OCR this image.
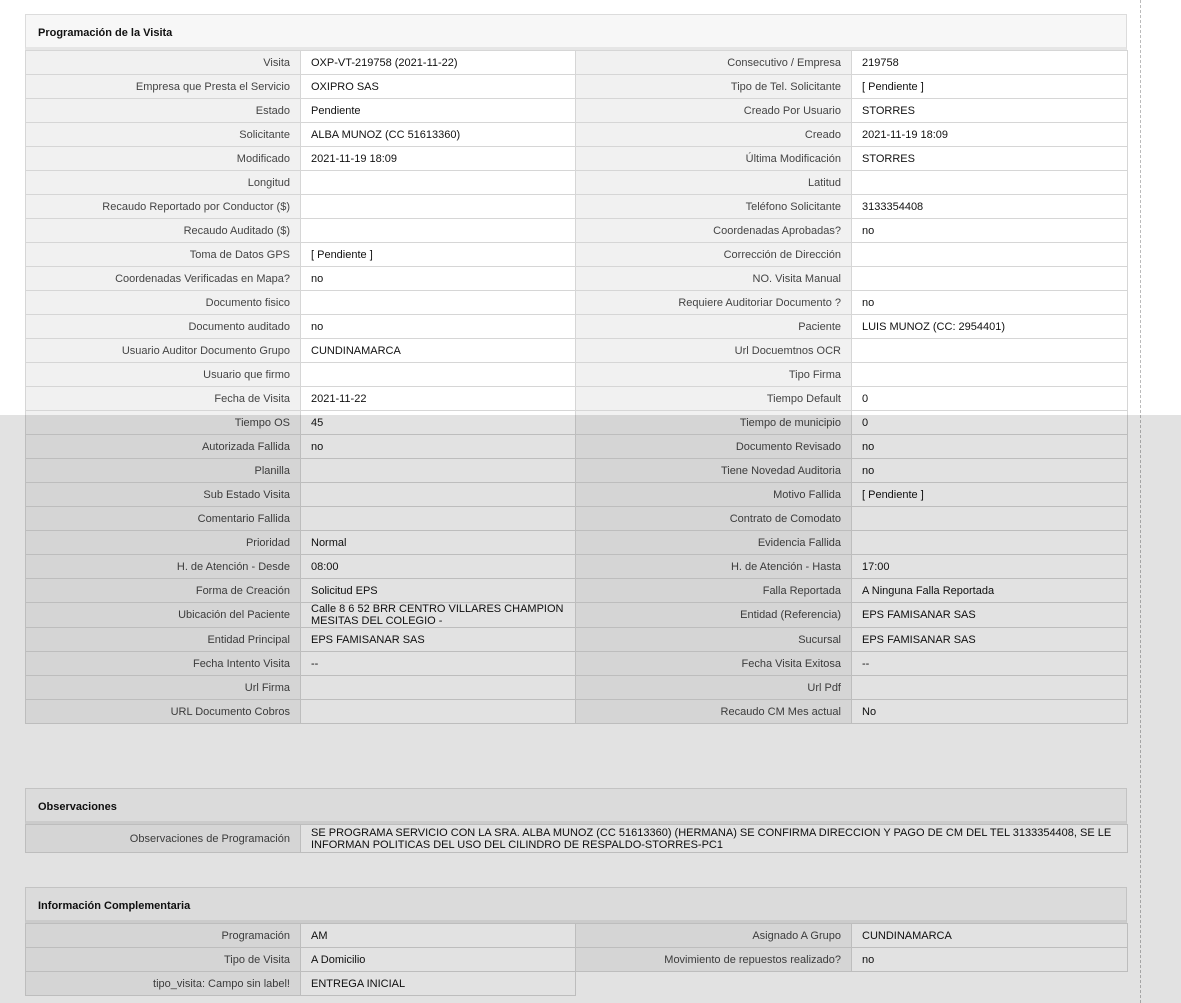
Programación de la Visita
Visita	OXP-VT-219758 (2021-11-22)	Consecutivo / Empresa	219758
Empresa que Presta el Servicio	OXIPRO SAS	Tipo de Tel. Solicitante	[ Pendiente ]
Estado	Pendiente	Creado Por Usuario	STORRES
Solicitante	ALBA MUNOZ (CC 51613360)	Creado	2021-11-19 18:09
Modificado	2021-11-19 18:09	Última Modificación	STORRES
Longitud		Latitud	
Recaudo Reportado por Conductor ($)		Teléfono Solicitante	3133354408
Recaudo Auditado ($)		Coordenadas Aprobadas?	no
Toma de Datos GPS	[ Pendiente ]	Corrección de Dirección	
Coordenadas Verificadas en Mapa?	no	NO. Visita Manual	
Documento fisico		Requiere Auditoriar Documento ?	no
Documento auditado	no	Paciente	LUIS MUNOZ (CC: 2954401)
Usuario Auditor Documento Grupo	CUNDINAMARCA	Url Docuemtnos OCR	
Usuario que firmo		Tipo Firma	
Fecha de Visita	2021-11-22	Tiempo Default	0
Tiempo OS	45	Tiempo de municipio	0
Autorizada Fallida	no	Documento Revisado	no
Planilla		Tiene Novedad Auditoria	no
Sub Estado Visita		Motivo Fallida	[ Pendiente ]
Comentario Fallida		Contrato de Comodato	
Prioridad	Normal	Evidencia Fallida	
H. de Atención - Desde	08:00	H. de Atención - Hasta	17:00
Forma de Creación	Solicitud EPS	Falla Reportada	A Ninguna Falla Reportada
Ubicación del Paciente	Calle 8 6 52 BRR CENTRO VILLARES CHAMPION MESITAS DEL COLEGIO -	Entidad (Referencia)	EPS FAMISANAR SAS
Entidad Principal	EPS FAMISANAR SAS	Sucursal	EPS FAMISANAR SAS
Fecha Intento Visita	--	Fecha Visita Exitosa	--
Url Firma		Url Pdf	
URL Documento Cobros		Recaudo CM Mes actual	No
Observaciones
Observaciones de Programación	SE PROGRAMA SERVICIO CON LA SRA. ALBA MUNOZ (CC 51613360) (HERMANA) SE CONFIRMA DIRECCION Y PAGO DE CM DEL TEL 3133354408, SE LE INFORMAN POLITICAS DEL USO DEL CILINDRO DE RESPALDO-STORRES-PC1
Información Complementaria
Programación	AM	Asignado A Grupo	CUNDINAMARCA
Tipo de Visita	A Domicilio	Movimiento de repuestos realizado?	no
tipo_visita: Campo sin label!	ENTREGA INICIAL		
